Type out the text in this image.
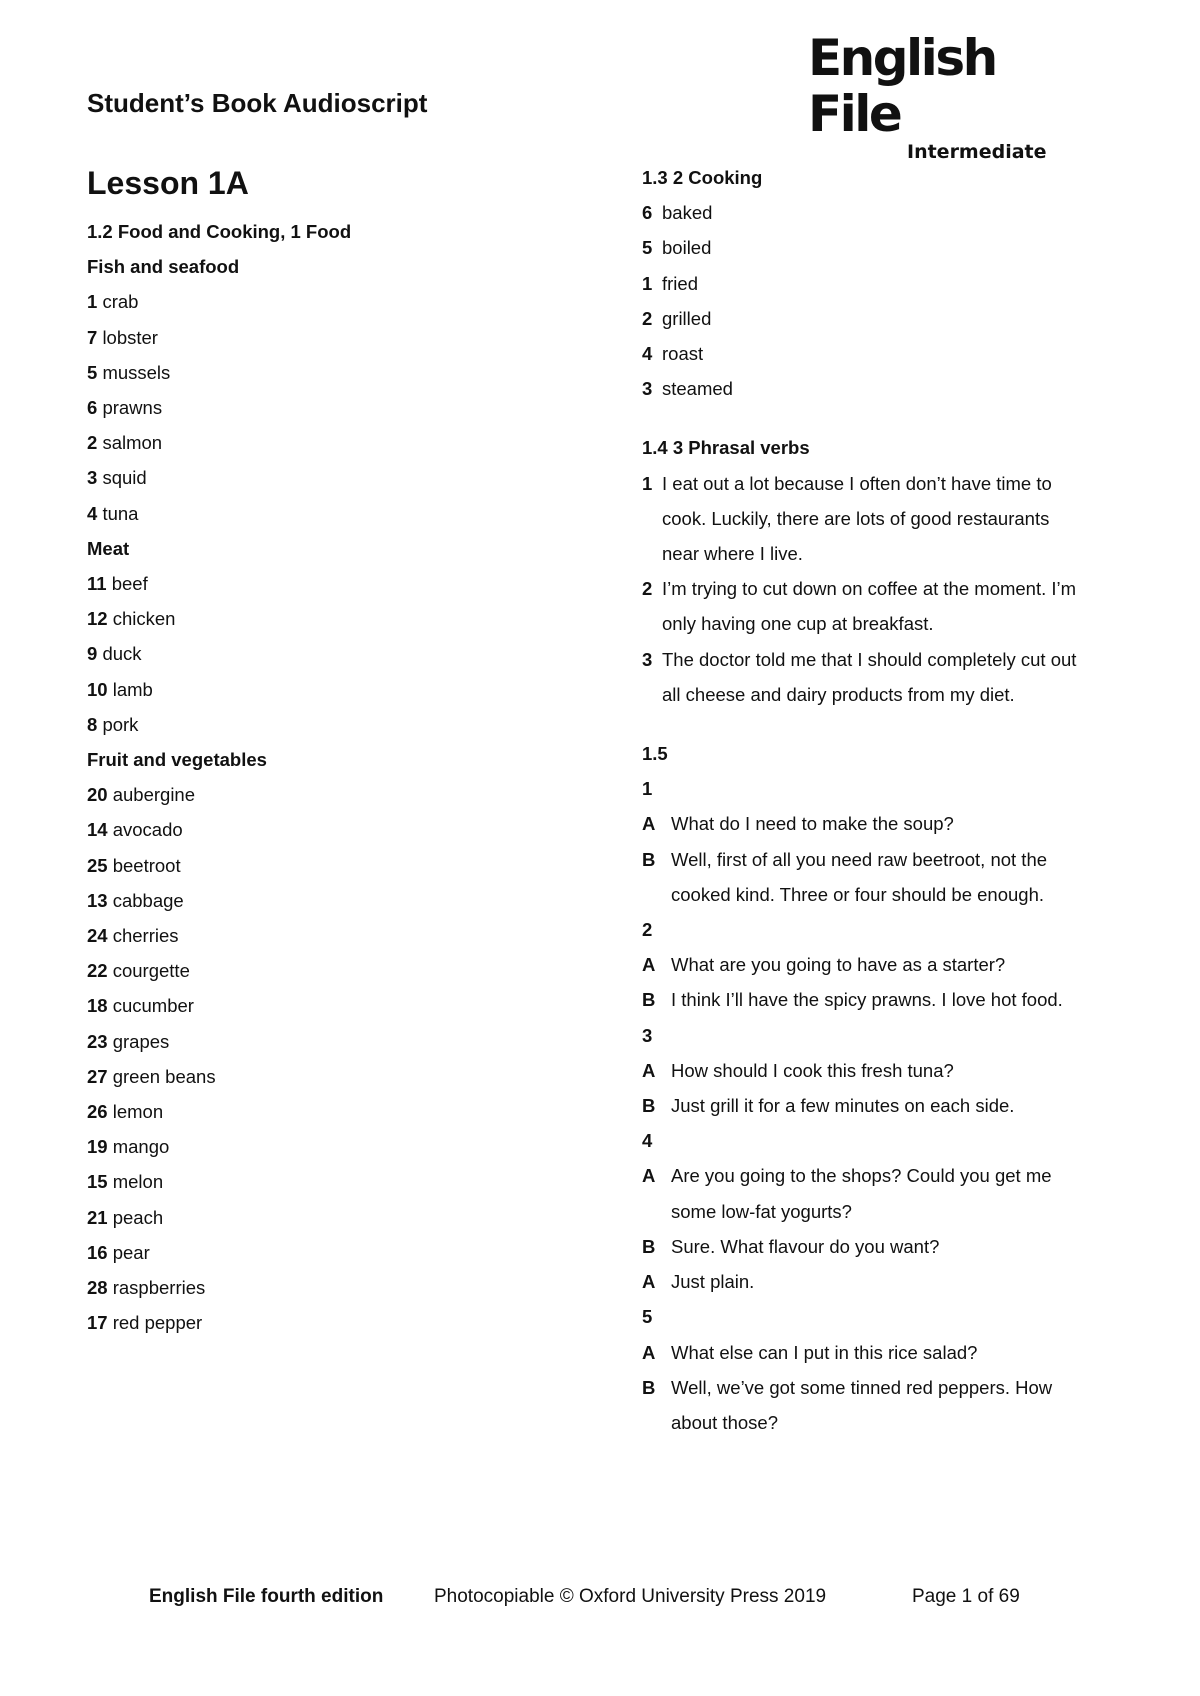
English File
Intermediate
Student’s Book Audioscript
Lesson 1A
1.2 Food and Cooking, 1 Food
Fish and seafood
1 crab
7 lobster
5 mussels
6 prawns
2 salmon
3 squid
4 tuna
Meat
11 beef
12 chicken
9 duck
10 lamb
8 pork
Fruit and vegetables
20 aubergine
14 avocado
25 beetroot
13 cabbage
24 cherries
22 courgette
18 cucumber
23 grapes
27 green beans
26 lemon
19 mango
15 melon
21 peach
16 pear
28 raspberries
17 red pepper
1.3 2 Cooking
6 baked
5 boiled
1 fried
2 grilled
4 roast
3 steamed
1.4 3 Phrasal verbs
1 I eat out a lot because I often don’t have time to
cook. Luckily, there are lots of good restaurants
near where I live.
2 I’m trying to cut down on coffee at the moment. I’m
only having one cup at breakfast.
3 The doctor told me that I should completely cut out
all cheese and dairy products from my diet.
1.5
1
A What do I need to make the soup?
B Well, first of all you need raw beetroot, not the
cooked kind. Three or four should be enough.
2
A What are you going to have as a starter?
B I think I’ll have the spicy prawns. I love hot food.
3
A How should I cook this fresh tuna?
B Just grill it for a few minutes on each side.
4
A Are you going to the shops? Could you get me
some low-fat yogurts?
B Sure. What flavour do you want?
A Just plain.
5
A What else can I put in this rice salad?
B Well, we’ve got some tinned red peppers. How
about those?
English File fourth edition	Photocopiable © Oxford University Press 2019	Page 1 of 69
